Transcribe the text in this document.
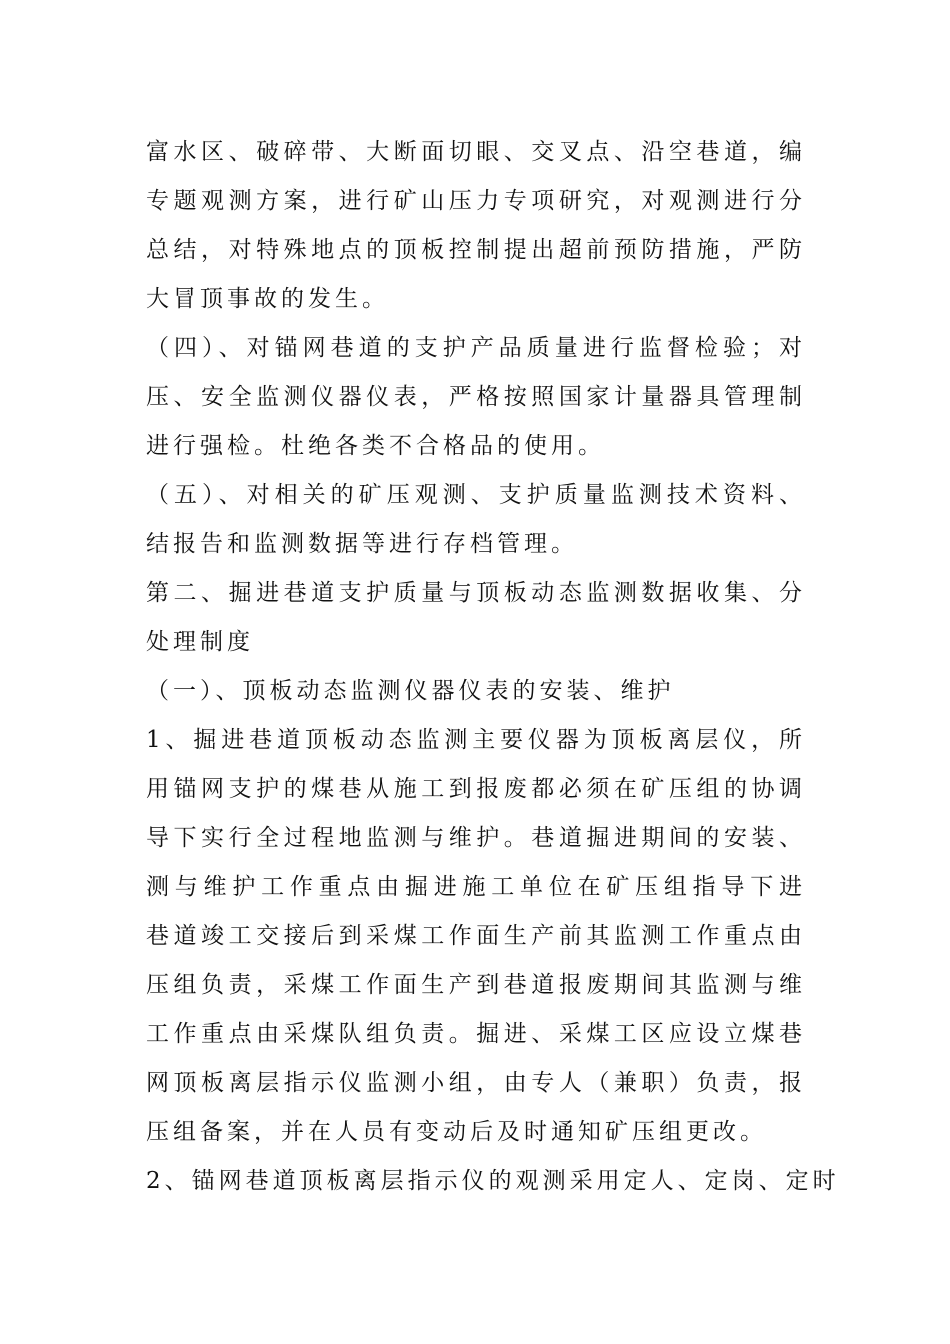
富水区、破碎带、大断面切眼、交叉点、沿空巷道，编
专题观测方案，进行矿山压力专项研究，对观测进行分
总结，对特殊地点的顶板控制提出超前预防措施，严防
大冒顶事故的发生。
（四）、对锚网巷道的支护产品质量进行监督检验；对
压、安全监测仪器仪表，严格按照国家计量器具管理制
进行强检。杜绝各类不合格品的使用。
（五）、对相关的矿压观测、支护质量监测技术资料、
结报告和监测数据等进行存档管理。
第二、掘进巷道支护质量与顶板动态监测数据收集、分
处理制度
（一）、顶板动态监测仪器仪表的安装、维护
1、掘进巷道顶板动态监测主要仪器为顶板离层仪，所
用锚网支护的煤巷从施工到报废都必须在矿压组的协调
导下实行全过程地监测与维护。巷道掘进期间的安装、
测与维护工作重点由掘进施工单位在矿压组指导下进
巷道竣工交接后到采煤工作面生产前其监测工作重点由
压组负责，采煤工作面生产到巷道报废期间其监测与维
工作重点由采煤队组负责。掘进、采煤工区应设立煤巷
网顶板离层指示仪监测小组，由专人（兼职）负责，报
压组备案，并在人员有变动后及时通知矿压组更改。
2、锚网巷道顶板离层指示仪的观测采用定人、定岗、定时
